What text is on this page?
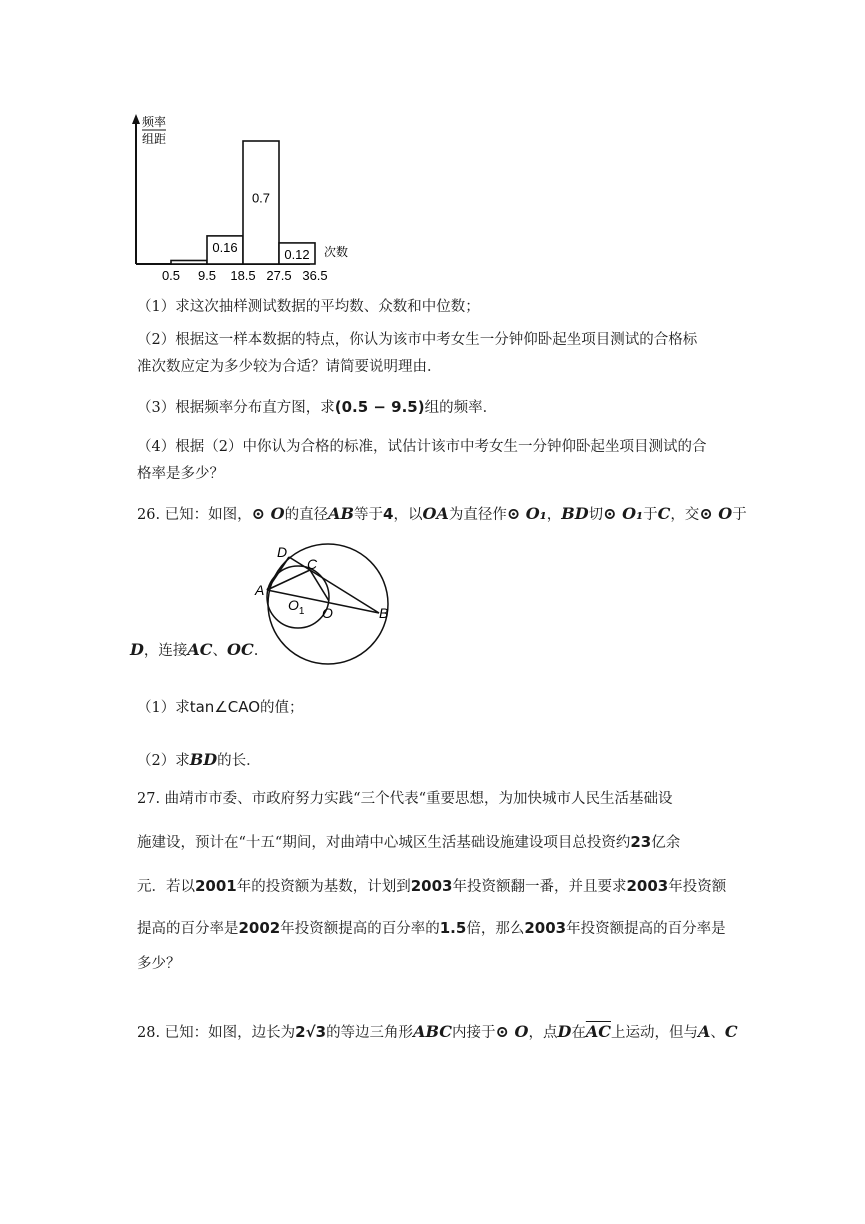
频率
组距
次数
0.16
0.7
0.12
0.5 9.5 18.5 27.5 36.5
（1）求这次抽样测试数据的平均数、众数和中位数；
（2）根据这一样本数据的特点，你认为该市中考女生一分钟仰卧起坐项目测试的合格标
准次数应定为多少较为合适？请简要说明理由．
（3）根据频率分布直方图，求(0.5 − 9.5)组的频率．
（4）根据（2）中你认为合格的标准，试估计该市中考女生一分钟仰卧起坐项目测试的合
格率是多少？
26. 已知：如图，⊙ O的直径AB等于4，以OA为直径作⊙ O₁，BD切⊙ O₁于C，交⊙ O于
D
C
A
$O_1$ O	B
D，连接AC、OC.
（1）求tan∠CAO的值；
（2）求BD的长．
27. 曲靖市市委、市政府努力实践“三个代表“重要思想，为加快城市人民生活基础设
施建设，预计在“十五“期间，对曲靖中心城区生活基础设施建设项目总投资约23亿余
元．若以2001年的投资额为基数，计划到2003年投资额翻一番，并且要求2003年投资额
提高的百分率是2002年投资额提高的百分率的1.5倍，那么2003年投资额提高的百分率是
多少？
28. 已知：如图，边长为2√3的等边三角形ABC内接于⊙ O，点D在$\overline{AC}$上运动，但与A、C
